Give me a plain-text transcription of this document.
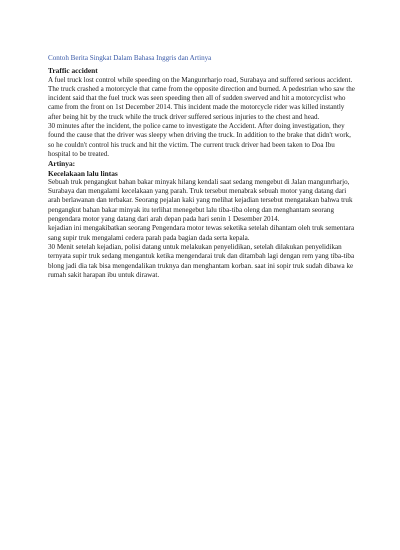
Contoh Berita Singkat Dalam Bahasa Inggris dan Artinya

Traffic accident

A fuel truck lost control while speeding on the Mangunrharjo road, Surabaya and suffered serious accident. The truck crashed a motorcycle that came from the opposite direction and burned. A pedestrian who saw the incident said that the fuel truck was seen speeding then all of sudden swerved and hit a motorcyclist who came from the front on 1st December 2014. This incident made the motorcycle rider was killed instantly after being hit by the truck while the truck driver suffered serious injuries to the chest and head.

30 minutes after the incident, the police came to investigate the Accident. After doing investigation, they found the cause that the driver was sleepy when driving the truck. In addition to the brake that didn't work, so he couldn't control his truck and hit the victim. The current truck driver had been taken to Doa Ibu hospital to be treated.

Artinya:

Kecelakaan lalu lintas

Sebuah truk pengangkut bahan bakar minyak hilang kendali saat sedang mengebut di Jalan mangunrharjo, Surabaya dan mengalami kecelakaan yang parah. Truk tersebut menabrak sebuah motor yang datang dari arah berlawanan dan terbakar. Seorang pejalan kaki yang melihat kejadian tersebut mengatakan bahwa truk pengangkut bahan bakar minyak itu terlihat menegebut lalu tiba-tiba oleng dan menghantam seorang pengendara motor yang datang dari arah depan pada hari senin 1 Desember 2014.

kejadian ini mengakibatkan seorang Pengendara motor tewas seketika setelah dihantam oleh truk sementara sang supir truk mengalami cedera parah pada bagian dada serta kepala.

30 Menit setelah kejadian, polisi datang untuk melakukan penyelidikan, setelah dilakukan penyelidikan ternyata supir truk sedang mengantuk ketika mengendarai truk dan ditambah lagi dengan rem yang tiba-tiba blong jadi dia tak bisa mengendalikan truknya dan menghantam korban. saat ini sopir truk sudah dibawa ke rumah sakit harapan ibu untuk dirawat.
